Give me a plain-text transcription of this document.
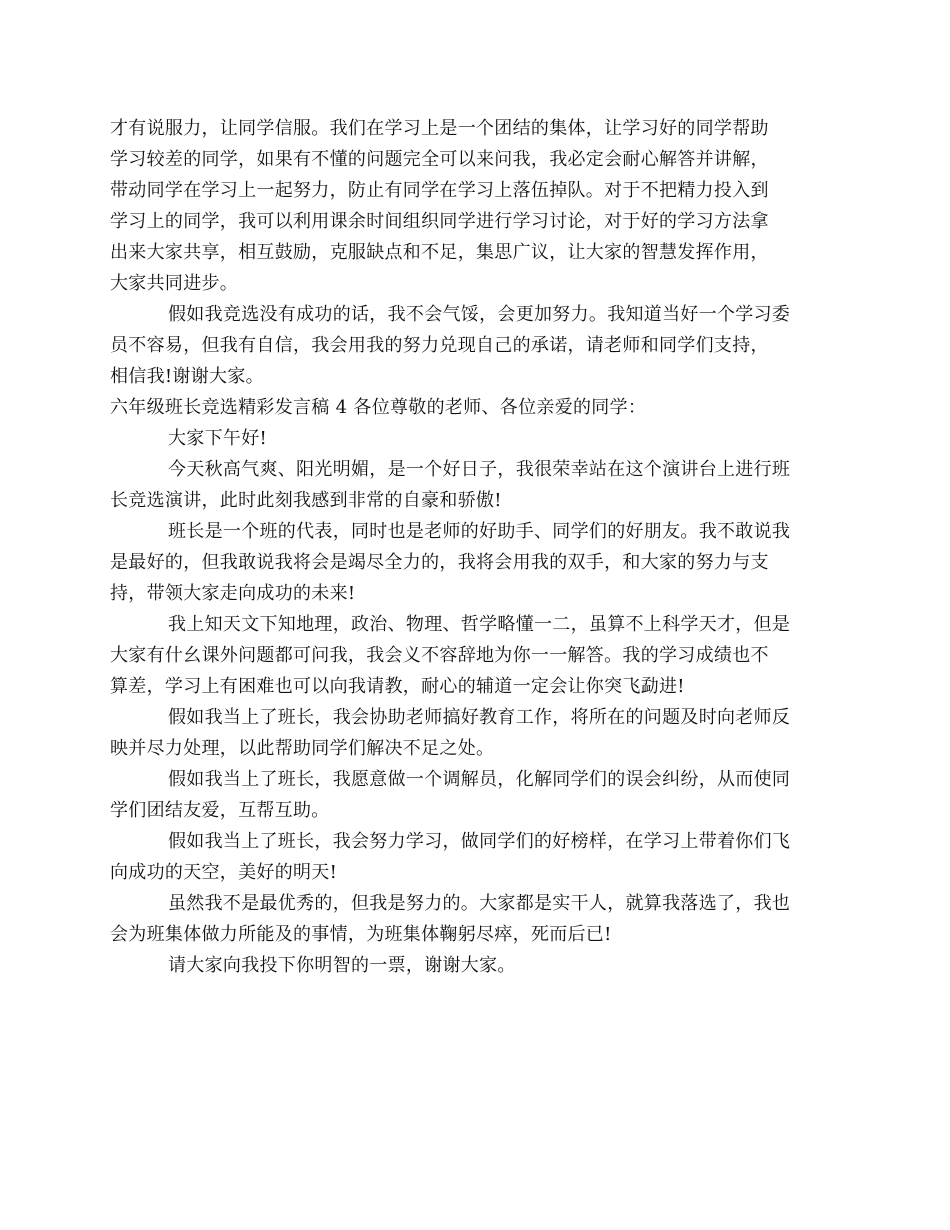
才有说服力，让同学信服。我们在学习上是一个团结的集体，让学习好的同学帮助
学习较差的同学，如果有不懂的问题完全可以来问我，我必定会耐心解答并讲解，
带动同学在学习上一起努力，防止有同学在学习上落伍掉队。对于不把精力投入到
学习上的同学，我可以利用课余时间组织同学进行学习讨论，对于好的学习方法拿
出来大家共享，相互鼓励，克服缺点和不足，集思广议，让大家的智慧发挥作用，
大家共同进步。
假如我竞选没有成功的话，我不会气馁，会更加努力。我知道当好一个学习委
员不容易，但我有自信，我会用我的努力兑现自己的承诺，请老师和同学们支持，
相信我!谢谢大家。
六年级班长竞选精彩发言稿 4 各位尊敬的老师、各位亲爱的同学：
大家下午好!
今天秋高气爽、阳光明媚，是一个好日子，我很荣幸站在这个演讲台上进行班
长竞选演讲，此时此刻我感到非常的自豪和骄傲!
班长是一个班的代表，同时也是老师的好助手、同学们的好朋友。我不敢说我
是最好的，但我敢说我将会是竭尽全力的，我将会用我的双手，和大家的努力与支
持，带领大家走向成功的未来!
我上知天文下知地理，政治、物理、哲学略懂一二，虽算不上科学天才，但是
大家有什幺课外问题都可问我，我会义不容辞地为你一一解答。我的学习成绩也不
算差，学习上有困难也可以向我请教，耐心的辅道一定会让你突飞勐进!
假如我当上了班长，我会协助老师搞好教育工作，将所在的问题及时向老师反
映并尽力处理，以此帮助同学们解决不足之处。
假如我当上了班长，我愿意做一个调解员，化解同学们的误会纠纷，从而使同
学们团结友爱，互帮互助。
假如我当上了班长，我会努力学习，做同学们的好榜样，在学习上带着你们飞
向成功的天空，美好的明天!
虽然我不是最优秀的，但我是努力的。大家都是实干人，就算我落选了，我也
会为班集体做力所能及的事情，为班集体鞠躬尽瘁，死而后已!
请大家向我投下你明智的一票，谢谢大家。
